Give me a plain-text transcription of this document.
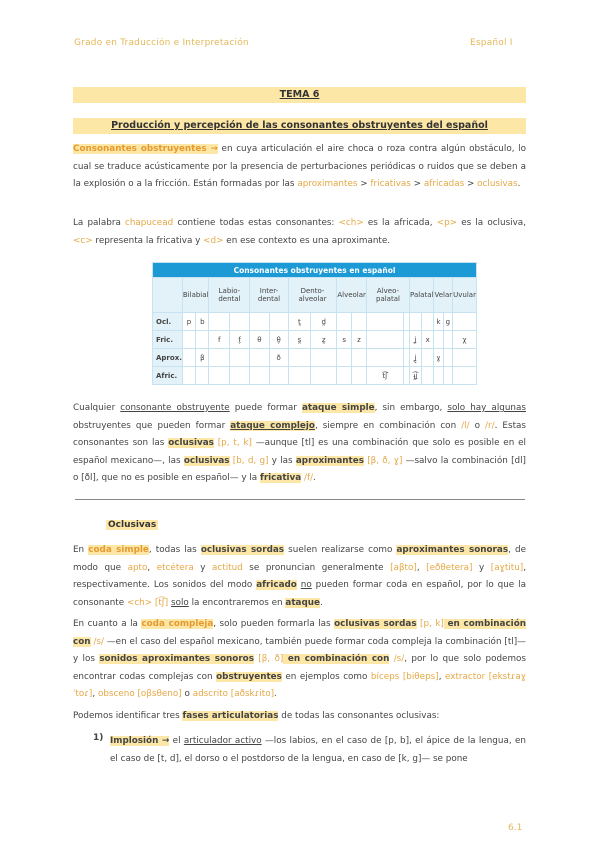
Grado en Traducción e Interpretación	Español I
TEMA 6
Producción y percepción de las consonantes obstruyentes del español
Consonantes obstruyentes → en cuya articulación el aire choca o roza contra algún obstáculo, lo cual se traduce acústicamente por la presencia de perturbaciones periódicas o ruidos que se deben a la explosión o a la fricción. Están formadas por las aproximantes > fricativas > africadas > oclusivas.
La palabra chapucead contiene todas estas consonantes: <ch> es la africada, <p> es la oclusiva, <c> representa la fricativa y <d> en ese contexto es una aproximante.
Consonantes obstruyentes en español																	
	Bilabial		Labio-dental		Inter-dental		Dento-alveolar		Alveolar		Alveo-palatal		Palatal		Velar		Uvular
Ocl.	p	b					t̪	d̪							k	g	
Fric.			f	f̬	θ	θ̬	s̪	z̪	s	z			ʝ	x			χ
Aprox.		β				ð							ʝ̞		ɣ		
Afric.											t͡ʃ		ɟ͡ʝ				
Cualquier consonante obstruyente puede formar ataque simple, sin embargo, solo hay algunas obstruyentes que pueden formar ataque complejo, siempre en combinación con /l/ o /r/. Estas consonantes son las oclusivas [p, t, k] —aunque [tl] es una combinación que solo es posible en el español mexicano—, las oclusivas [b, d, g] y las aproximantes [β, ð, ɣ] —salvo la combinación [dl] o [ðl], que no es posible en español— y la fricativa /f/.
Oclusivas
En coda simple, todas las oclusivas sordas suelen realizarse como aproximantes sonoras, de modo que apto, etcétera y actitud se pronuncian generalmente [aβto], [eðθetera] y [aɣtitu], respectivamente. Los sonidos del modo africado no pueden formar coda en español, por lo que la consonante <ch> [t͡ʃ] solo la encontraremos en ataque.
En cuanto a la coda compleja, solo pueden formarla las oclusivas sordas [p, k] en combinación con /s/ —en el caso del español mexicano, también puede formar coda compleja la combinación [tl]— y los sonidos aproximantes sonoros [β, ð] en combinación con /s/, por lo que solo podemos encontrar codas complejas con obstruyentes en ejemplos como bíceps [biθeps], extractor [ekstɾaɣˈtoɾ], obsceno [oβsθeno] o adscrito [aðskɾito].
Podemos identificar tres fases articulatorias de todas las consonantes oclusivas:
1) Implosión → el articulador activo —los labios, en el caso de [p, b], el ápice de la lengua, en el caso de [t, d], el dorso o el postdorso de la lengua, en caso de [k, g]— se pone
6.1
